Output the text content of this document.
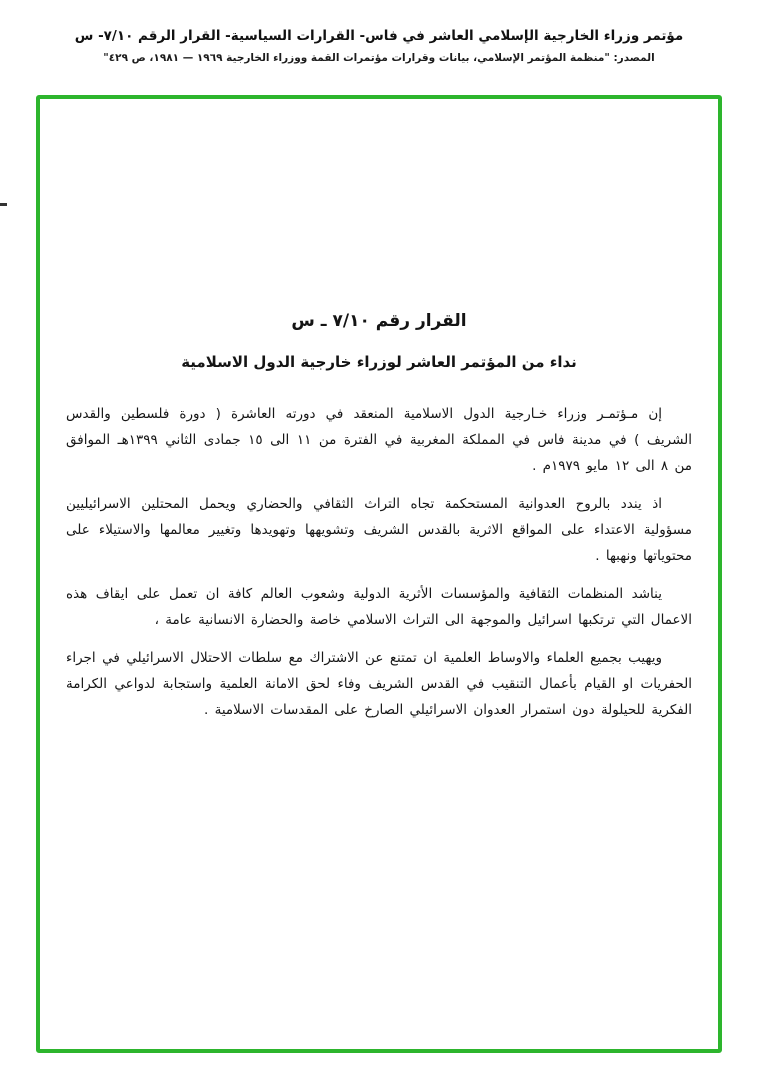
مؤتمر وزراء الخارجية الإسلامي العاشر في فاس- القرارات السياسية- القرار الرقم ٧/١٠- س
المصدر: "منظمة المؤتمر الإسلامي، بيانات وقرارات مؤتمرات القمة ووزراء الخارجية ١٩٦٩ — ١٩٨١، ص ٤٢٩"
القرار رقم ٧/١٠ ـ س
نداء من المؤتمر العاشر لوزراء خارجية الدول الاسلامية

إن مـؤتمـر وزراء خـارجية الدول الاسلامية المنعقد في دورته العاشرة ( دورة فلسطين والقدس الشريف ) في مدينة فاس في المملكة المغربية في الفترة من ١١ الى ١٥ جمادى الثاني ١٣٩٩هـ الموافق من ٨ الى ١٢ مايو ١٩٧٩م .

اذ يندد بالروح العدوانية المستحكمة تجاه التراث الثقافي والحضاري ويحمل المحتلين الاسرائيليين مسؤولية الاعتداء على المواقع الاثرية بالقدس الشريف وتشويهها وتهويدها وتغيير معالمها والاستيلاء على محتوياتها ونهبها .

يناشد المنظمات الثقافية والمؤسسات الأثرية الدولية وشعوب العالم كافة ان تعمل على ايقاف هذه الاعمال التي ترتكبها اسرائيل والموجهة الى التراث الاسلامي خاصة والحضارة الانسانية عامة ،

ويهيب بجميع العلماء والاوساط العلمية ان تمتنع عن الاشتراك مع سلطات الاحتلال الاسرائيلي في اجراء الحفريات او القيام بأعمال التنقيب في القدس الشريف وفاء لحق الامانة العلمية واستجابة لدواعي الكرامة الفكرية للحيلولة دون استمرار العدوان الاسرائيلي الصارخ على المقدسات الاسلامية .
